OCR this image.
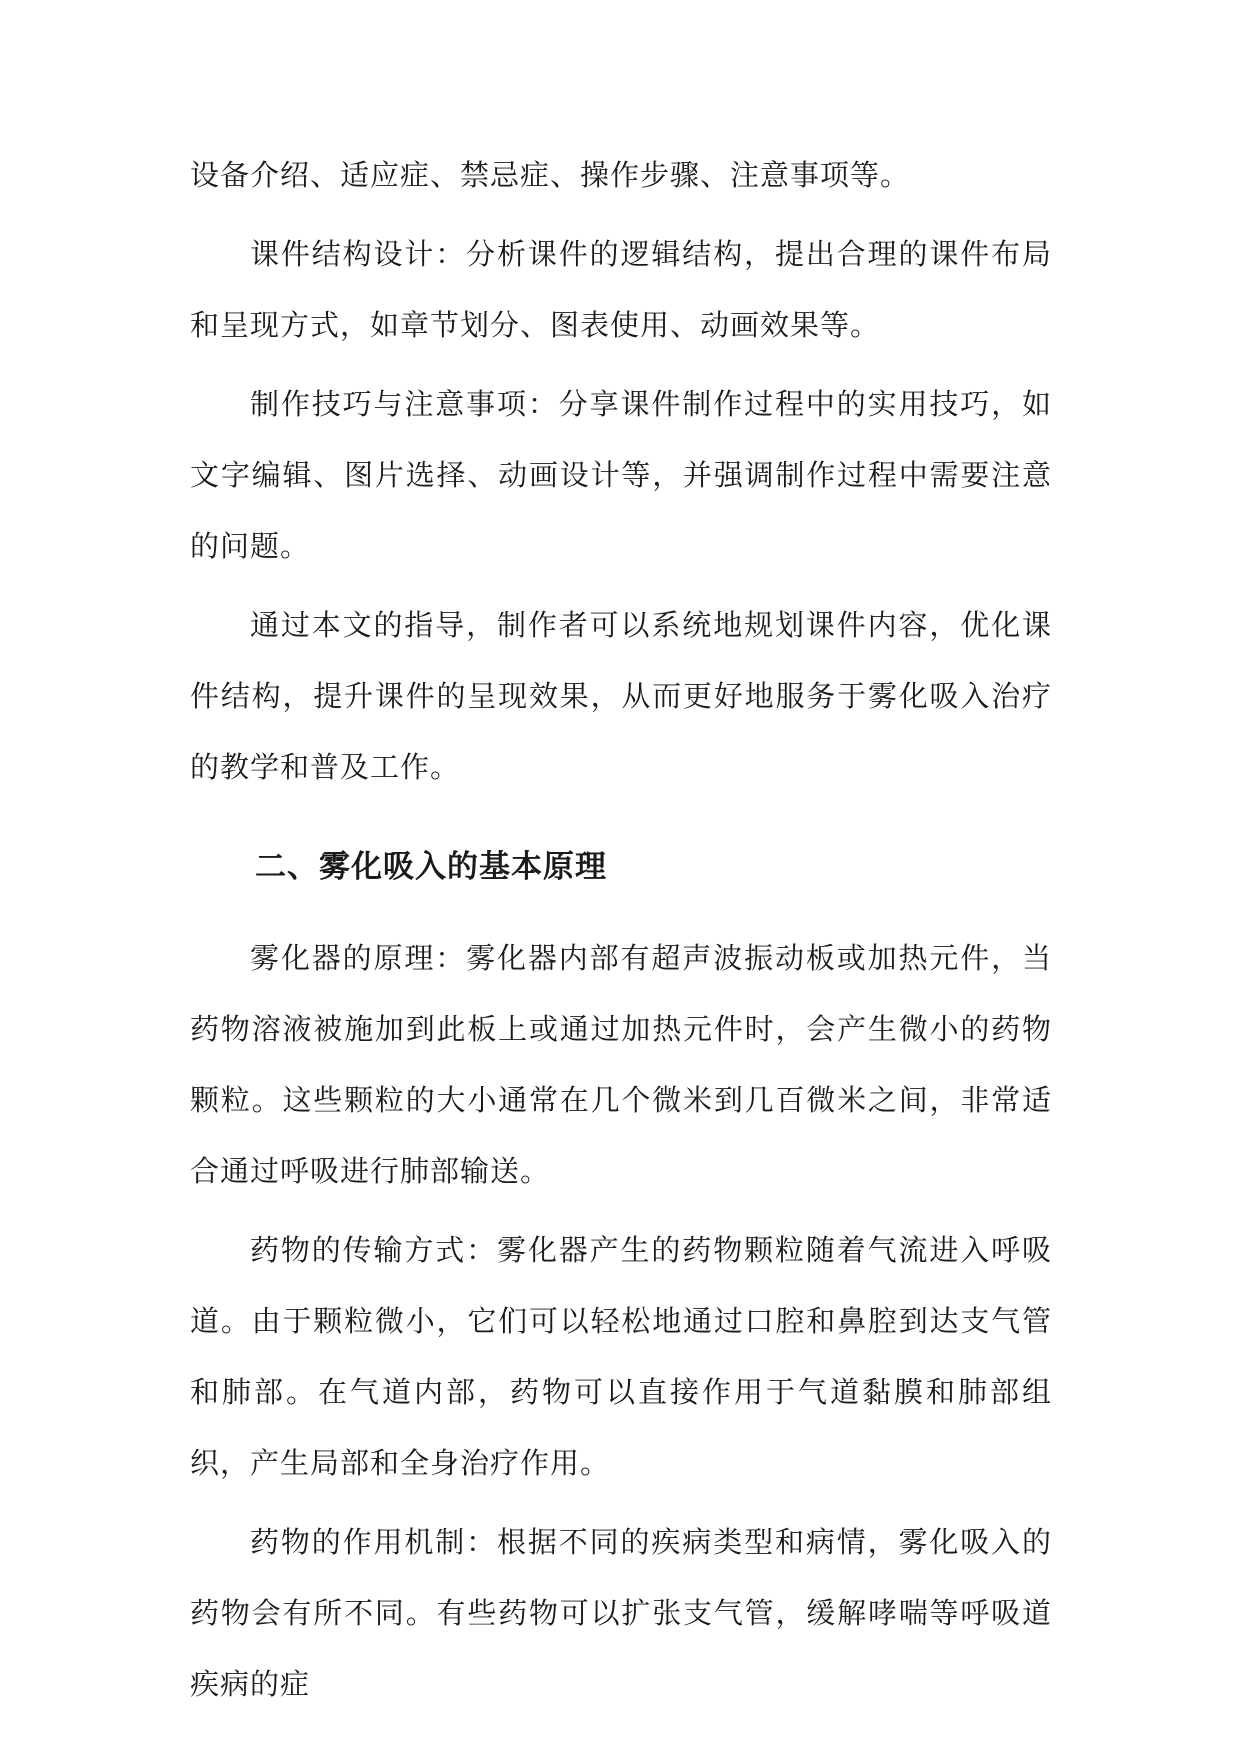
设备介绍、适应症、禁忌症、操作步骤、注意事项等。

课件结构设计：分析课件的逻辑结构，提出合理的课件布局和呈现方式，如章节划分、图表使用、动画效果等。

制作技巧与注意事项：分享课件制作过程中的实用技巧，如文字编辑、图片选择、动画设计等，并强调制作过程中需要注意的问题。

通过本文的指导，制作者可以系统地规划课件内容，优化课件结构，提升课件的呈现效果，从而更好地服务于雾化吸入治疗的教学和普及工作。

二、雾化吸入的基本原理

雾化器的原理：雾化器内部有超声波振动板或加热元件，当药物溶液被施加到此板上或通过加热元件时，会产生微小的药物颗粒。这些颗粒的大小通常在几个微米到几百微米之间，非常适合通过呼吸进行肺部输送。

药物的传输方式：雾化器产生的药物颗粒随着气流进入呼吸道。由于颗粒微小，它们可以轻松地通过口腔和鼻腔到达支气管和肺部。在气道内部，药物可以直接作用于气道黏膜和肺部组织，产生局部和全身治疗作用。

药物的作用机制：根据不同的疾病类型和病情，雾化吸入的药物会有所不同。有些药物可以扩张支气管，缓解哮喘等呼吸道疾病的症
